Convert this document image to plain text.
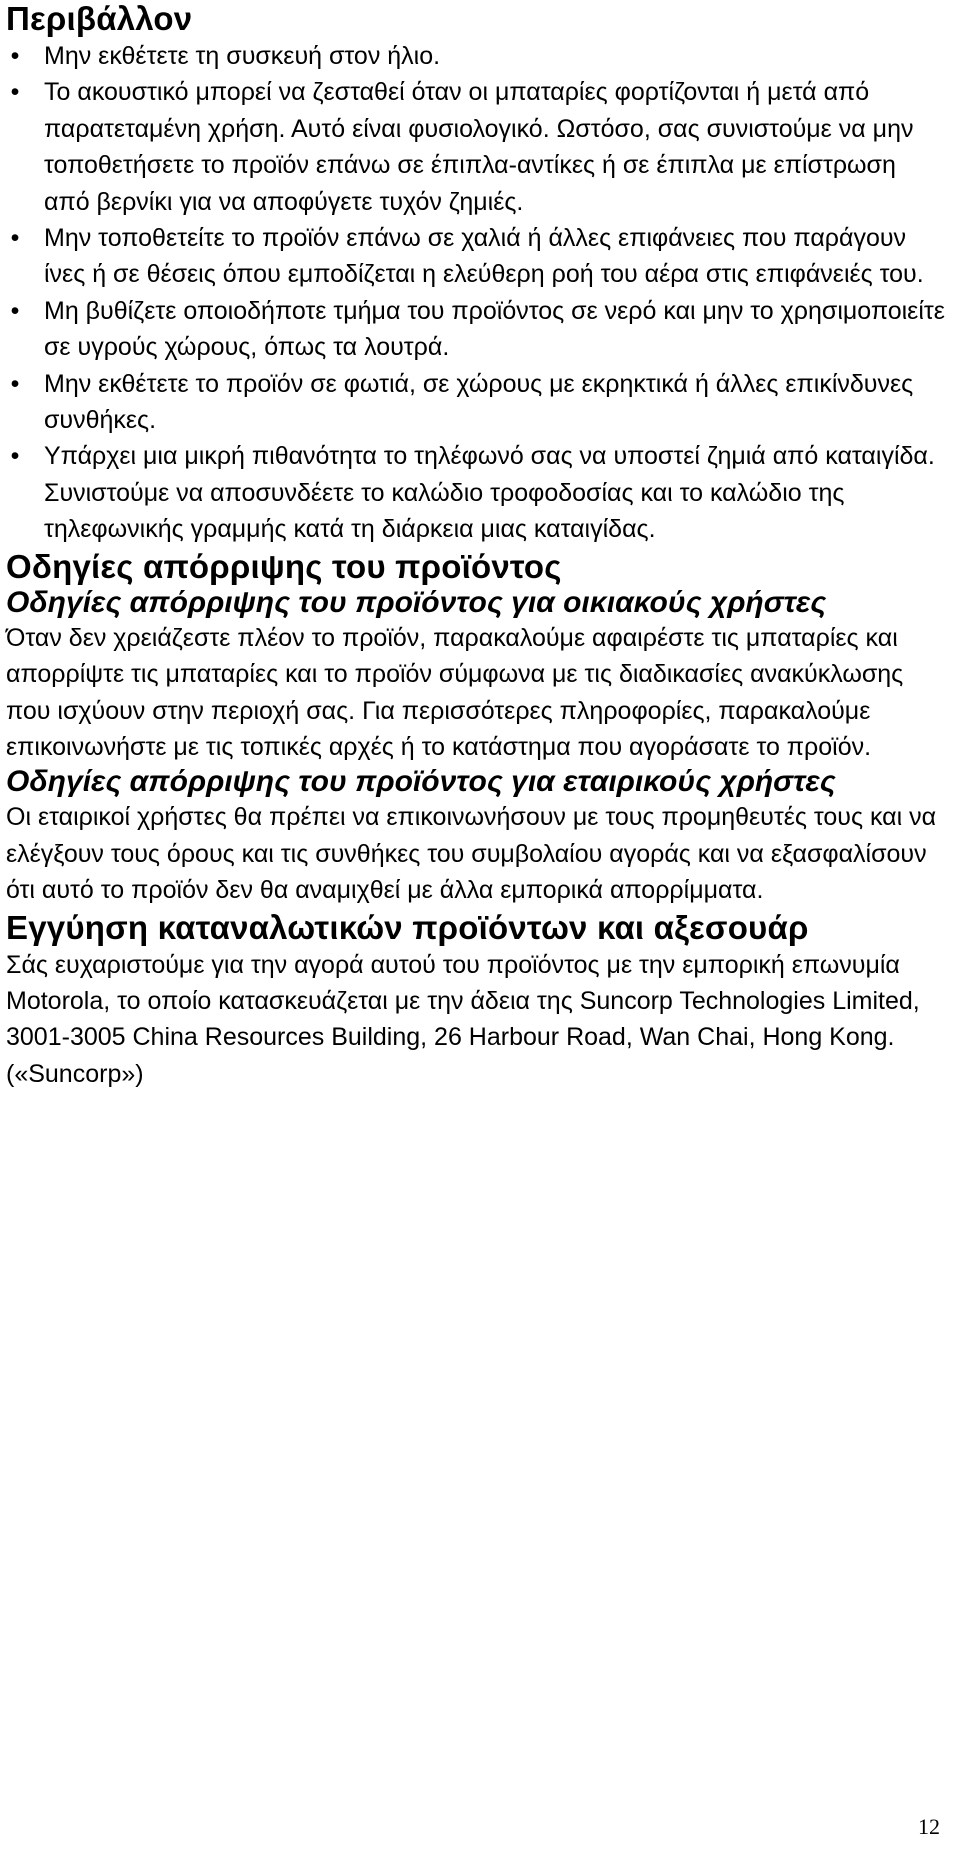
Περιβάλλον
• Μην εκθέτετε τη συσκευή στον ήλιο.
• Το ακουστικό μπορεί να ζεσταθεί όταν οι μπαταρίες φορτίζονται ή μετά από παρατεταμένη χρήση. Αυτό είναι φυσιολογικό. Ωστόσο, σας συνιστούμε να μην τοποθετήσετε το προϊόν επάνω σε έπιπλα-αντίκες ή σε έπιπλα με επίστρωση από βερνίκι για να αποφύγετε τυχόν ζημιές.
• Μην τοποθετείτε το προϊόν επάνω σε χαλιά ή άλλες επιφάνειες που παράγουν ίνες ή σε θέσεις όπου εμποδίζεται η ελεύθερη ροή του αέρα στις επιφάνειές του.
• Μη βυθίζετε οποιοδήποτε τμήμα του προϊόντος σε νερό και μην το χρησιμοποιείτε σε υγρούς χώρους, όπως τα λουτρά.
• Μην εκθέτετε το προϊόν σε φωτιά, σε χώρους με εκρηκτικά ή άλλες επικίνδυνες συνθήκες.
• Υπάρχει μια μικρή πιθανότητα το τηλέφωνό σας να υποστεί ζημιά από καταιγίδα. Συνιστούμε να αποσυνδέετε το καλώδιο τροφοδοσίας και το καλώδιο της τηλεφωνικής γραμμής κατά τη διάρκεια μιας καταιγίδας.
Οδηγίες απόρριψης του προϊόντος
Οδηγίες απόρριψης του προϊόντος για οικιακούς χρήστες

Όταν δεν χρειάζεστε πλέον το προϊόν, παρακαλούμε αφαιρέστε τις μπαταρίες και απορρίψτε τις μπαταρίες και το προϊόν σύμφωνα με τις διαδικασίες ανακύκλωσης που ισχύουν στην περιοχή σας. Για περισσότερες πληροφορίες, παρακαλούμε επικοινωνήστε με τις τοπικές αρχές ή το κατάστημα που αγοράσατε το προϊόν.

Οδηγίες απόρριψης του προϊόντος για εταιρικούς χρήστες

Οι εταιρικοί χρήστες θα πρέπει να επικοινωνήσουν με τους προμηθευτές τους και να ελέγξουν τους όρους και τις συνθήκες του συμβολαίου αγοράς και να εξασφαλίσουν ότι αυτό το προϊόν δεν θα αναμιχθεί με άλλα εμπορικά απορρίμματα.

Εγγύηση καταναλωτικών προϊόντων και αξεσουάρ

Σάς ευχαριστούμε για την αγορά αυτού του προϊόντος με την εμπορική επωνυμία Motorola, το οποίο κατασκευάζεται με την άδεια της Suncorp Technologies Limited, 3001-3005 China Resources Building, 26 Harbour Road, Wan Chai, Hong Kong. («Suncorp»)

12
